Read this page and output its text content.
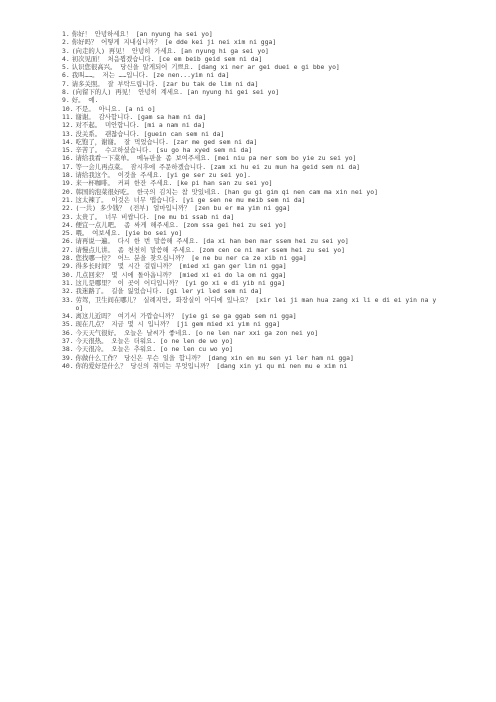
1. 你好！ 안녕하세요！ [an nyung ha sei yo]
2. 你好吗？ 어떻게 지내십니까？ [e dde kei ji nei xim ni gga]
3. (向走的人) 再见！ 안녕히 가세요. [an nyung hi ga sei yo]
4. 初次见面！ 처음뵙겠습니다. [ce em beib geid sem ni da]
5. 认识您很高兴。 당신을 알게되어 기쁘요. [dang xi ner ar gei duei e gi bbe yo]
6. 我叫……。 저는 ……입니다. [ze nen...yim ni da]
7. 请多关照。 잘 부탁드립니다. [zar bu tak de lim ni da]
8. (向留下的人) 再见！ 안녕히 계세요. [an nyung hi gei sei yo]
9. 好。 예.
10. 不是。 아니요. [a ni o]
11. 谢谢。 감사합니다. [gam sa ham ni da]
12. 对不起。 미안합니다. [mi a nam ni da]
13. 没关系。 괜찮습니다. [guein can sem ni da]
14. 吃饱了，谢谢。 잘 먹었습니다. [zar me ged sem ni da]
15. 辛苦了。 수고하셨습니다. [su go ha xyed sem ni da]
16. 请给我看一下菜单。 메뉴판을 좀 보여주세요. [mei niu pa ner som bo yie zu sei yo]
17. 等一会儿再点菜。 잠시후에 주문하겠습니다. [zam xi hu ei zu mun ha geid sem ni da]
18. 请给我这个。 이것을 주세요. [yi ge ser zu sei yo].
19. 来一杯咖啡。 커피 한잔 주세요. [ke pi han san zu sei yo]
20. 韩国的泡菜很好吃。 한국의 김치는 참 맛있네요. [han gu gi gim qi nen cam ma xin nei yo]
21. 这太辣了。 이것은 너무 맵습니다. [yi ge sen ne mu meib sem ni da]
22. (一共) 多少钱？ (전부) 얼마입니까？ [zen bu er ma yim ni gga]
23. 太贵了。 너무 비쌉니다. [ne mu bi ssab ni da]
24. 便宜一点儿吧。 좀 싸게 해주세요. [zom ssa gei hei zu sei yo]
25. 喂。 여보세요. [yie bo sei yo]
26. 请再说一遍。 다시 한 번 말씀해 주세요. [da xi han ben mar ssem hei zu sei yo]
27. 请慢点儿讲。 좀 천천히 말씀해 주세요. [zom cen ce ni mar ssem hei zu sei yo]
28. 您找哪一位？ 어느 분을 찾으십니까？ [e ne bu ner ca ze xib ni gga]
29. 得多长时间？ 몇 시간 걸립니까？ [mied xi gan ger lim ni gga]
30. 几点回来？ 몇 시에 돌아옵니까？ [mied xi ei do la om ni gga]
31. 这儿是哪里？ 이 곳이 어디입니까？ [yi go xi e di yib ni gga]
32. 我迷路了。 길을 잃었습니다. [gi ler yi led sem ni da]
33. 劳驾，卫生间在哪儿？ 실례지만, 화장실이 어디에 있나요？ [xir lei ji man hua zang xi li e di ei yin na yo]
34. 离这儿近吗？ 여기서 가깝습니까？ [yie gi se ga ggab sem ni gga]
35. 现在几点？ 지금 몇 시 입니까？ [ji gem mied xi yim ni gga]
36. 今天天气很好。 오늘은 날씨가 좋네요. [o ne len nar xxi ga zon nei yo]
37. 今天很热。 오늘은 더워요. [o ne len de wo yo]
38. 今天很冷。 오늘은 추워요. [o ne len cu wo yo]
39. 你做什么工作？ 당신은 무슨 일을 합니까？ [dang xin en mu sen yi ler ham ni gga]
40. 你的爱好是什么？ 당신의 취미는 무엇입니까？ [dang xin yi qu mi nen mu e xim ni
